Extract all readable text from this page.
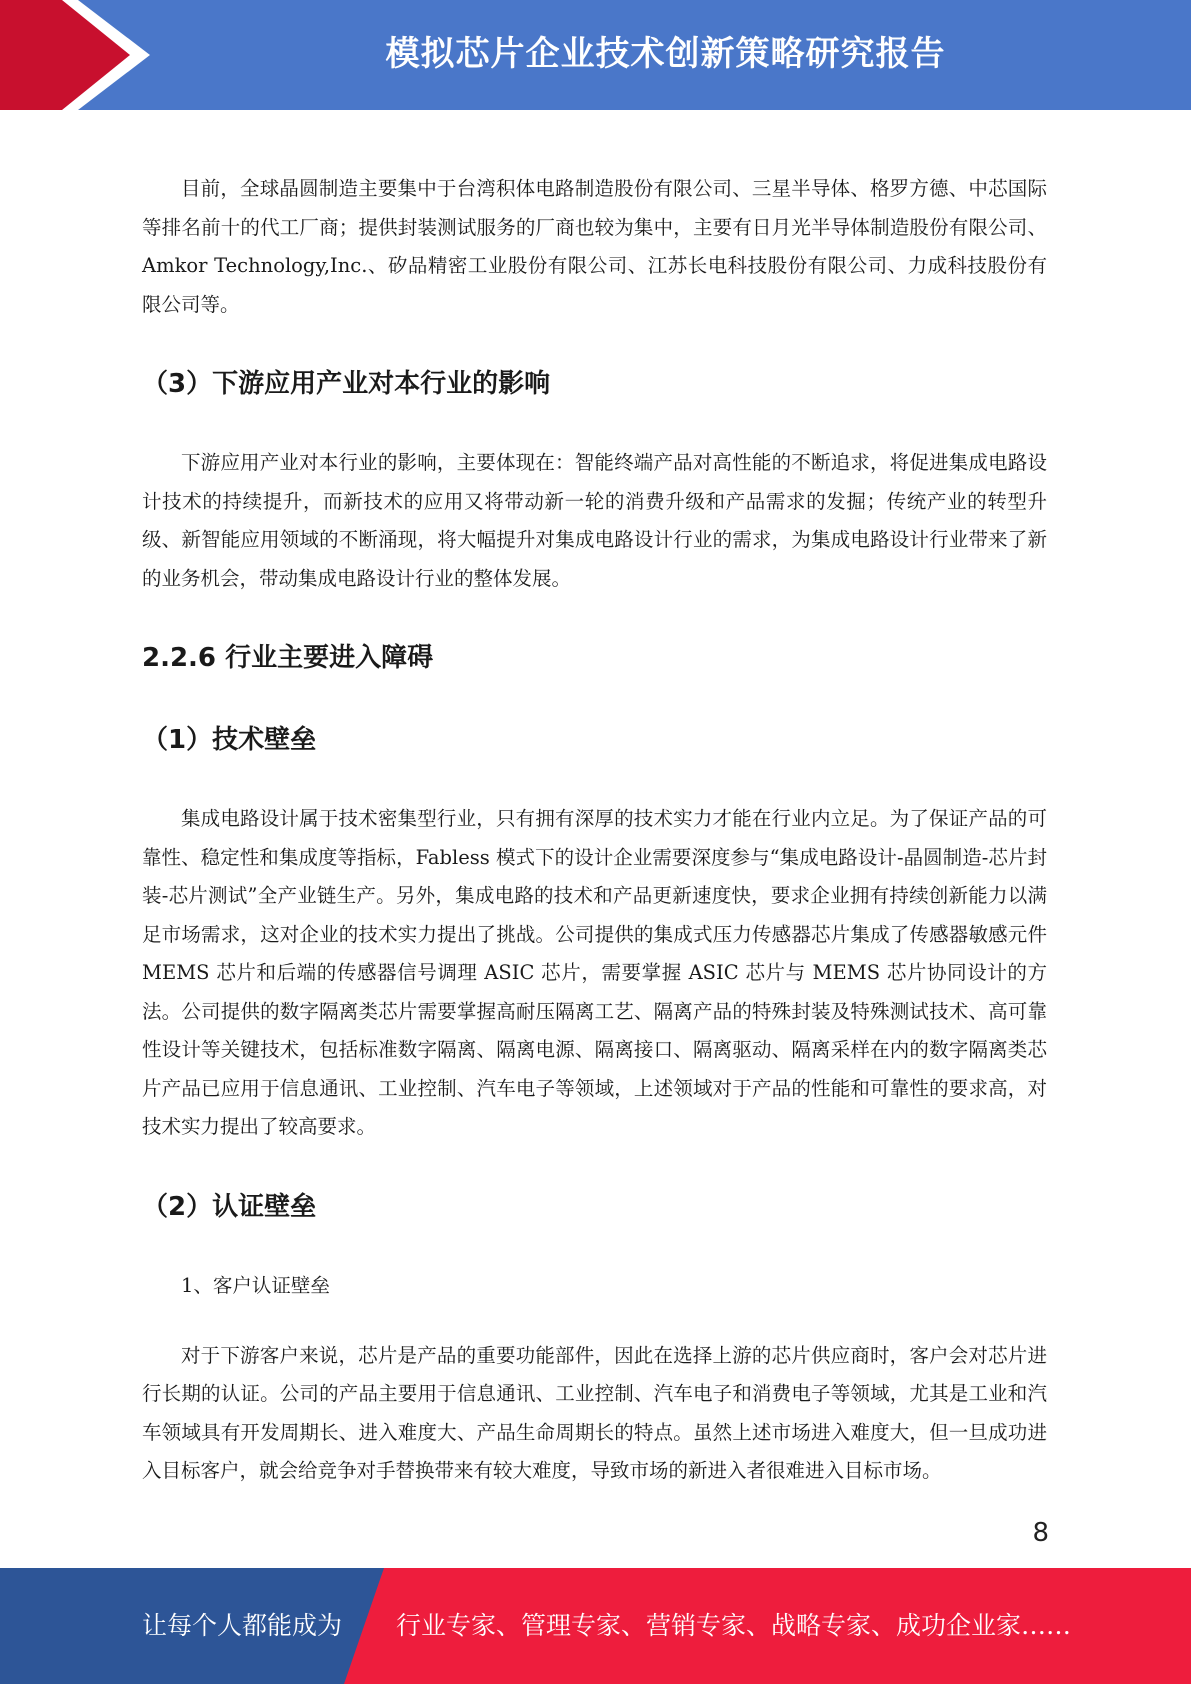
模拟芯片企业技术创新策略研究报告

目前，全球晶圆制造主要集中于台湾积体电路制造股份有限公司、三星半导体、格罗方德、中芯国际等排名前十的代工厂商；提供封装测试服务的厂商也较为集中，主要有日月光半导体制造股份有限公司、Amkor Technology,Inc.、矽品精密工业股份有限公司、江苏长电科技股份有限公司、力成科技股份有限公司等。

（3）下游应用产业对本行业的影响

下游应用产业对本行业的影响，主要体现在：智能终端产品对高性能的不断追求，将促进集成电路设计技术的持续提升，而新技术的应用又将带动新一轮的消费升级和产品需求的发掘；传统产业的转型升级、新智能应用领域的不断涌现，将大幅提升对集成电路设计行业的需求，为集成电路设计行业带来了新的业务机会，带动集成电路设计行业的整体发展。

2.2.6 行业主要进入障碍
（1）技术壁垒

集成电路设计属于技术密集型行业，只有拥有深厚的技术实力才能在行业内立足。为了保证产品的可靠性、稳定性和集成度等指标，Fabless 模式下的设计企业需要深度参与“集成电路设计-晶圆制造-芯片封装-芯片测试”全产业链生产。另外，集成电路的技术和产品更新速度快，要求企业拥有持续创新能力以满足市场需求，这对企业的技术实力提出了挑战。公司提供的集成式压力传感器芯片集成了传感器敏感元件 MEMS 芯片和后端的传感器信号调理 ASIC 芯片，需要掌握 ASIC 芯片与 MEMS 芯片协同设计的方法。公司提供的数字隔离类芯片需要掌握高耐压隔离工艺、隔离产品的特殊封装及特殊测试技术、高可靠性设计等关键技术，包括标准数字隔离、隔离电源、隔离接口、隔离驱动、隔离采样在内的数字隔离类芯片产品已应用于信息通讯、工业控制、汽车电子等领域，上述领域对于产品的性能和可靠性的要求高，对技术实力提出了较高要求。

（2）认证壁垒

1、客户认证壁垒

对于下游客户来说，芯片是产品的重要功能部件，因此在选择上游的芯片供应商时，客户会对芯片进行长期的认证。公司的产品主要用于信息通讯、工业控制、汽车电子和消费电子等领域，尤其是工业和汽车领域具有开发周期长、进入难度大、产品生命周期长的特点。虽然上述市场进入难度大，但一旦成功进入目标客户，就会给竞争对手替换带来有较大难度，导致市场的新进入者很难进入目标市场。

8
让每个人都能成为 行业专家、管理专家、营销专家、战略专家、成功企业家……
